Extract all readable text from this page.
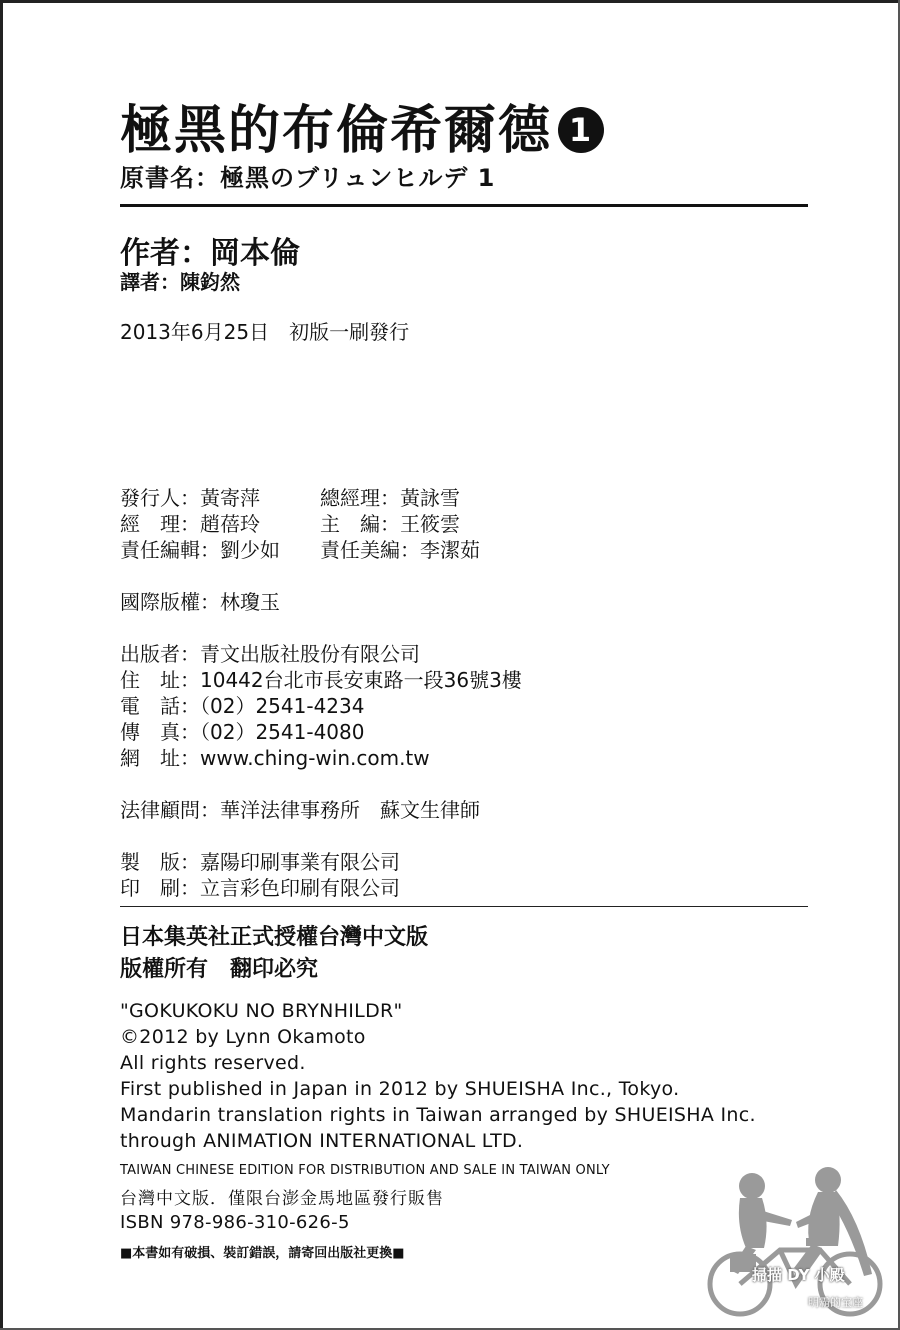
極黑的布倫希爾德 1
原書名：極黑のブリュンヒルデ 1
作者：岡本倫
譯者：陳鈞然
2013年6月25日　初版一刷發行
發行人：黃寄萍	總經理：黃詠雪
經　理：趙蓓玲	主　編：王筱雲
責任編輯：劉少如 責任美編：李潔茹
國際版權：林瓊玉
出版者：青文出版社股份有限公司
住　址：10442台北市長安東路一段36號3樓
電　話：（02）2541-4234
傳　真：（02）2541-4080
網　址：www.ching-win.com.tw
法律顧問：華洋法律事務所　蘇文生律師
製　版：嘉陽印刷事業有限公司
印　刷：立言彩色印刷有限公司
日本集英社正式授權台灣中文版
版權所有　翻印必究
"GOKUKOKU NO BRYNHILDR"
©2012 by Lynn Okamoto
All rights reserved.
First published in Japan in 2012 by SHUEISHA Inc., Tokyo.
Mandarin translation rights in Taiwan arranged by SHUEISHA Inc.
through ANIMATION INTERNATIONAL LTD.
TAIWAN CHINESE EDITION FOR DISTRIBUTION AND SALE IN TAIWAN ONLY
台灣中文版．僅限台澎金馬地區發行販售
ISBN 978-986-310-626-5
■本書如有破損、裝訂錯誤，請寄回出版社更換■
掃描 DY 小殿
明霸的宝座
